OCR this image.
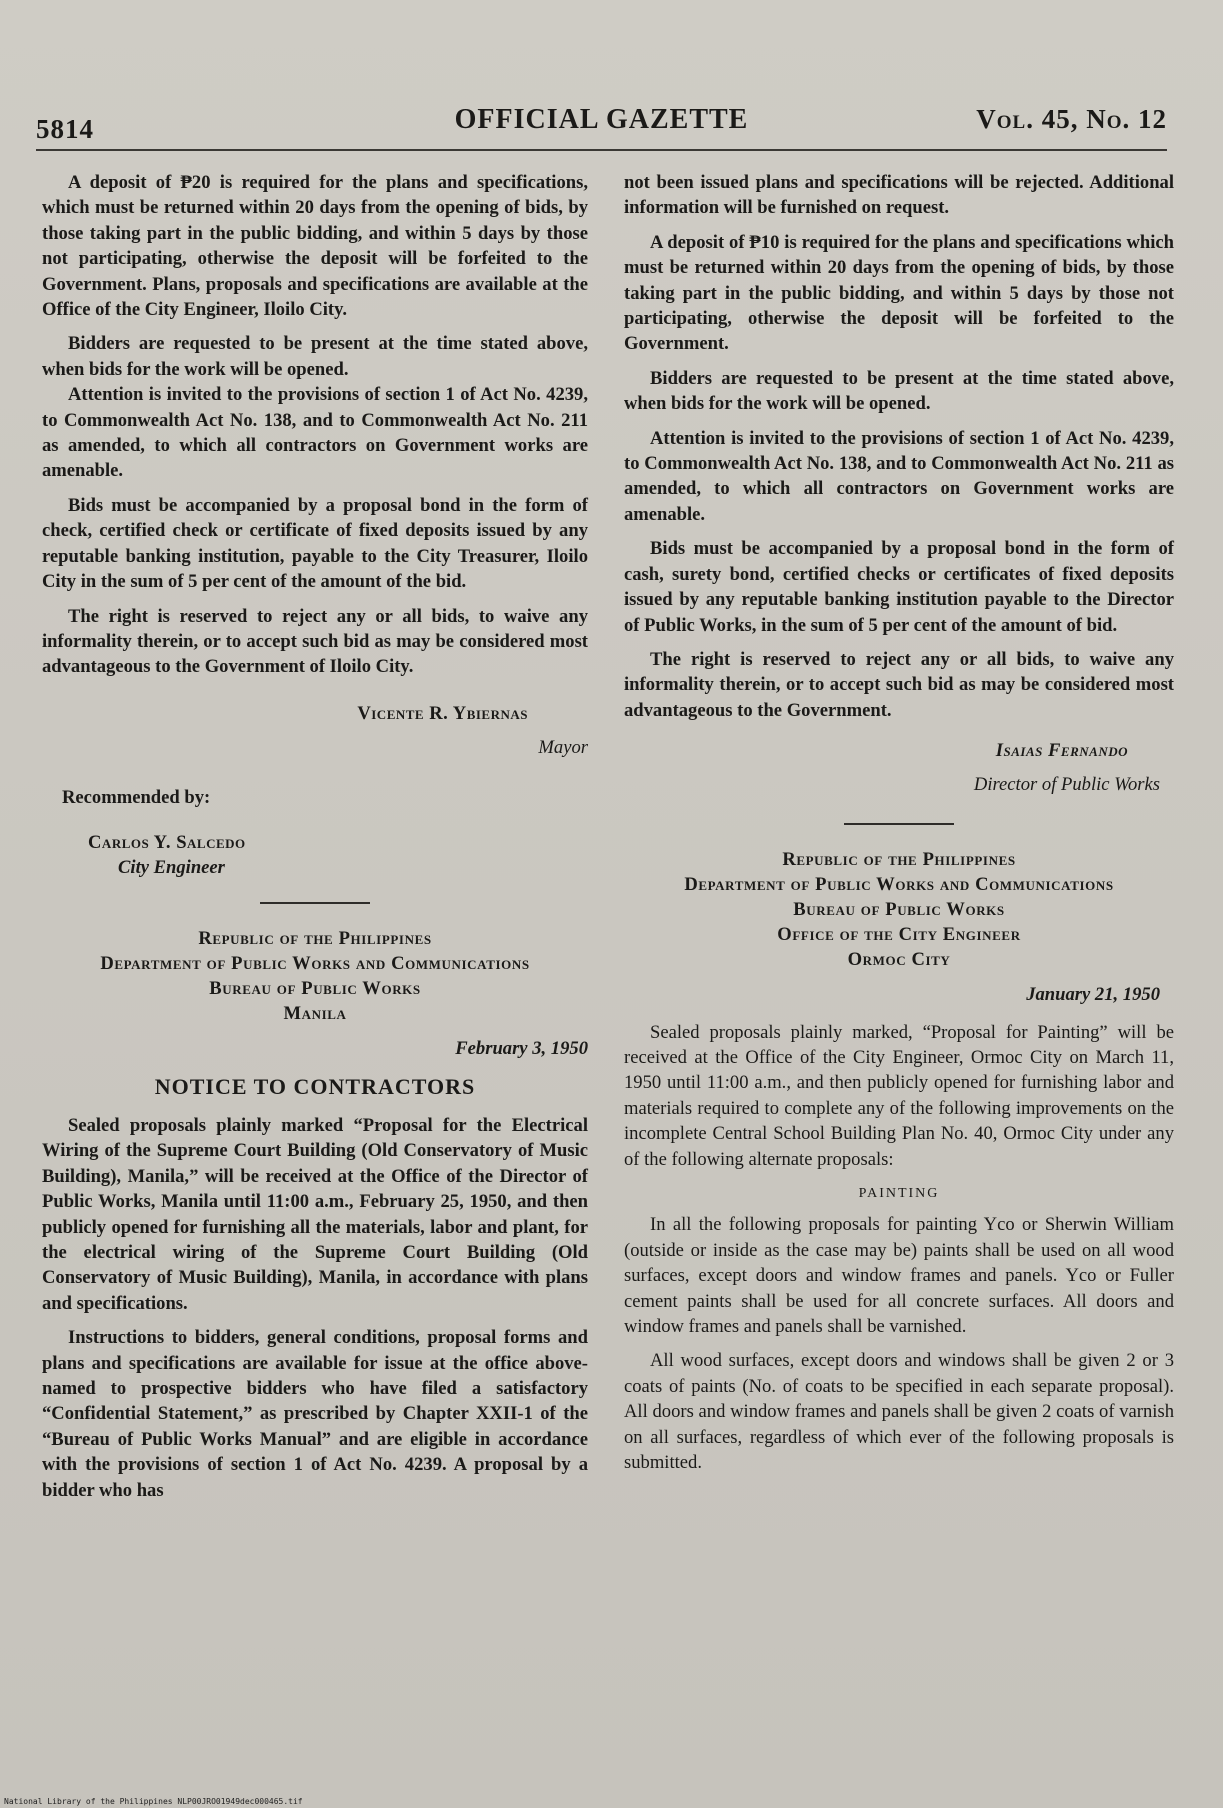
5814	OFFICIAL GAZETTE	Vol. 45, No. 12

A deposit of ₱20 is required for the plans and specifications, which must be returned within 20 days from the opening of bids, by those taking part in the public bidding, and within 5 days by those not participating, otherwise the deposit will be forfeited to the Government. Plans, proposals and specifications are available at the Office of the City Engineer, Iloilo City.

Bidders are requested to be present at the time stated above, when bids for the work will be opened.

Attention is invited to the provisions of section 1 of Act No. 4239, to Commonwealth Act No. 138, and to Commonwealth Act No. 211 as amended, to which all contractors on Government works are amenable.

Bids must be accompanied by a proposal bond in the form of check, certified check or certificate of fixed deposits issued by any reputable banking institution, payable to the City Treasurer, Iloilo City in the sum of 5 per cent of the amount of the bid.

The right is reserved to reject any or all bids, to waive any informality therein, or to accept such bid as may be considered most advantageous to the Government of Iloilo City.

Vicente R. Ybiernas

Mayor

Recommended by:

Carlos Y. Salcedo
City Engineer
Republic of the Philippines
Department of Public Works and Communications
Bureau of Public Works
Manila
February 3, 1950
NOTICE TO CONTRACTORS

Sealed proposals plainly marked “Proposal for the Electrical Wiring of the Supreme Court Building (Old Conservatory of Music Building), Manila,” will be received at the Office of the Director of Public Works, Manila until 11:00 a.m., February 25, 1950, and then publicly opened for furnishing all the materials, labor and plant, for the electrical wiring of the Supreme Court Building (Old Conservatory of Music Building), Manila, in accordance with plans and specifications.

Instructions to bidders, general conditions, proposal forms and plans and specifications are available for issue at the office above-named to prospective bidders who have filed a satisfactory “Confidential Statement,” as prescribed by Chapter XXII-1 of the “Bureau of Public Works Manual” and are eligible in accordance with the provisions of section 1 of Act No. 4239. A proposal by a bidder who has

not been issued plans and specifications will be rejected. Additional information will be furnished on request.

A deposit of ₱10 is required for the plans and specifications which must be returned within 20 days from the opening of bids, by those taking part in the public bidding, and within 5 days by those not participating, otherwise the deposit will be forfeited to the Government.

Bidders are requested to be present at the time stated above, when bids for the work will be opened.

Attention is invited to the provisions of section 1 of Act No. 4239, to Commonwealth Act No. 138, and to Commonwealth Act No. 211 as amended, to which all contractors on Government works are amenable.

Bids must be accompanied by a proposal bond in the form of cash, surety bond, certified checks or certificates of fixed deposits issued by any reputable banking institution payable to the Director of Public Works, in the sum of 5 per cent of the amount of bid.

The right is reserved to reject any or all bids, to waive any informality therein, or to accept such bid as may be considered most advantageous to the Government.

Isaias Fernando

Director of Public Works

Republic of the Philippines
Department of Public Works and Communications
Bureau of Public Works
Office of the City Engineer
Ormoc City
January 21, 1950

Sealed proposals plainly marked, “Proposal for Painting” will be received at the Office of the City Engineer, Ormoc City on March 11, 1950 until 11:00 a.m., and then publicly opened for furnishing labor and materials required to complete any of the following improvements on the incomplete Central School Building Plan No. 40, Ormoc City under any of the following alternate proposals:

PAINTING

In all the following proposals for painting Yco or Sherwin William (outside or inside as the case may be) paints shall be used on all wood surfaces, except doors and window frames and panels. Yco or Fuller cement paints shall be used for all concrete surfaces. All doors and window frames and panels shall be varnished.

All wood surfaces, except doors and windows shall be given 2 or 3 coats of paints (No. of coats to be specified in each separate proposal). All doors and window frames and panels shall be given 2 coats of varnish on all surfaces, regardless of which ever of the following proposals is submitted.

National Library of the Philippines NLP00JRO01949dec000465.tif
